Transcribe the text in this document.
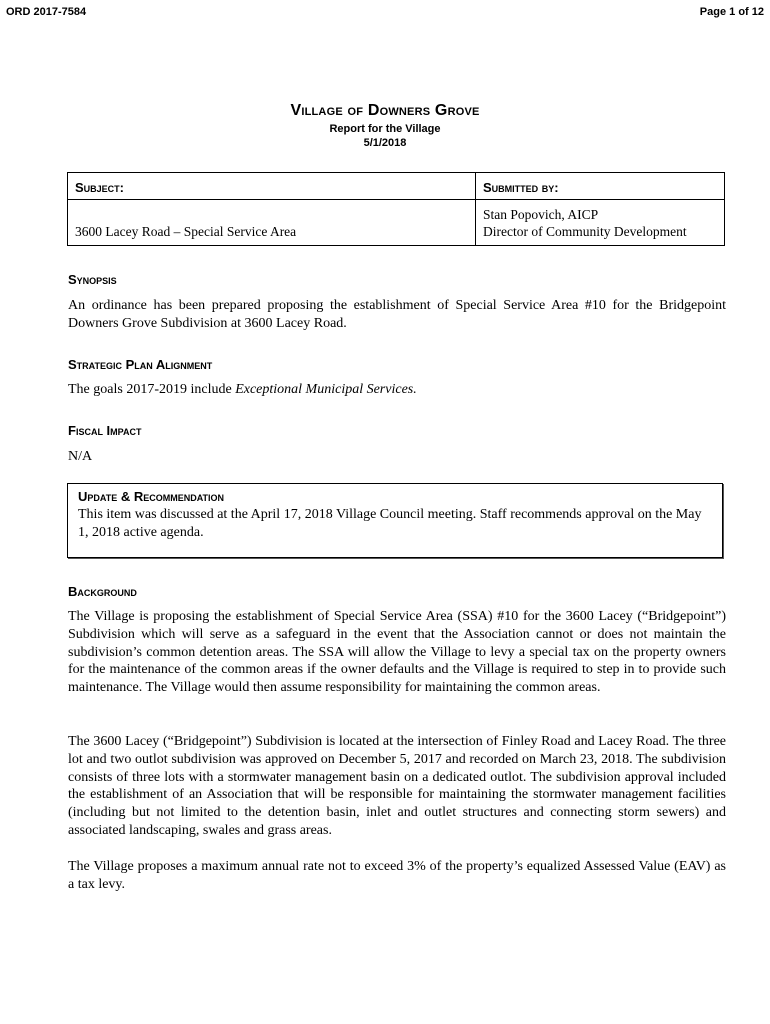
ORD 2017-7584	Page 1 of 12

Village of Downers Grove

Report for the Village

5/1/2018

Subject:	Submitted by:
3600 Lacey Road – Special Service Area	Stan Popovich, AICP
Director of Community Development
Synopsis

An ordinance has been prepared proposing the establishment of Special Service Area #10 for the Bridgepoint Downers Grove Subdivision at 3600 Lacey Road.

Strategic Plan Alignment

The goals 2017-2019 include Exceptional Municipal Services.

Fiscal Impact

N/A

Update & Recommendation

This item was discussed at the April 17, 2018 Village Council meeting. Staff recommends approval on the May 1, 2018 active agenda.

Background

The Village is proposing the establishment of Special Service Area (SSA) #10 for the 3600 Lacey (“Bridgepoint”) Subdivision which will serve as a safeguard in the event that the Association cannot or does not maintain the subdivision’s common detention areas. The SSA will allow the Village to levy a special tax on the property owners for the maintenance of the common areas if the owner defaults and the Village is required to step in to provide such maintenance. The Village would then assume responsibility for maintaining the common areas.

The 3600 Lacey (“Bridgepoint”) Subdivision is located at the intersection of Finley Road and Lacey Road. The three lot and two outlot subdivision was approved on December 5, 2017 and recorded on March 23, 2018. The subdivision consists of three lots with a stormwater management basin on a dedicated outlot. The subdivision approval included the establishment of an Association that will be responsible for maintaining the stormwater management facilities (including but not limited to the detention basin, inlet and outlet structures and connecting storm sewers) and associated landscaping, swales and grass areas.

The Village proposes a maximum annual rate not to exceed 3% of the property’s equalized Assessed Value (EAV) as a tax levy.
